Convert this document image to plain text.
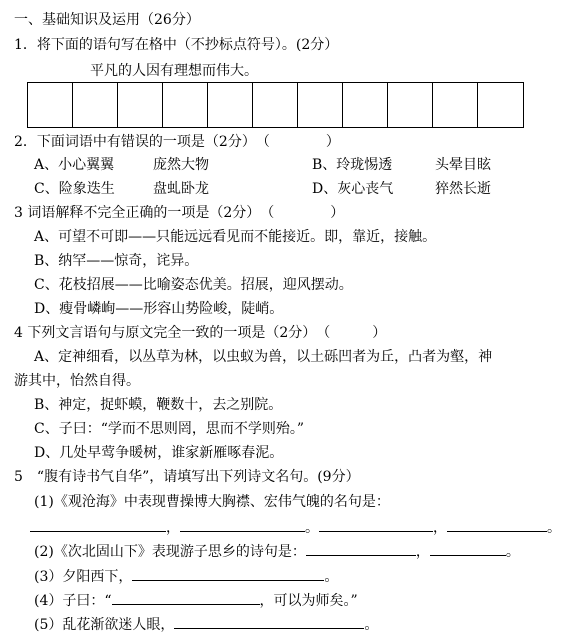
一、基础知识及运用（26分）
1．将下面的语句写在格中（不抄标点符号）。(2分）
平凡的人因有理想而伟大。
2．下面词语中有错误的一项是（2分）　（　　　　）
A、小心翼翼	庞然大物	B、玲珑惕透	头晕目眩
C、险象迭生	盘虬卧龙	D、灰心丧气	猝然长逝
3 词语解释不完全正确的一项是（2分）　（　　　　）
A、可望不可即——只能远远看见而不能接近。即，靠近，接触。
B、纳罕——惊奇，诧异。
C、花枝招展——比喻姿态优美。招展，迎风摆动。
D、瘦骨嶙峋——形容山势险峻，陡峭。
4 下列文言语句与原文完全一致的一项是（2分）　（　　　）
A、定神细看，以丛草为林，以虫蚁为兽，以土砾凹者为丘，凸者为壑，神
游其中，怡然自得。
B、神定，捉虾蟆，鞭数十，去之别院。
C、子曰：“学而不思则罔，思而不学则殆。”
D、几处早莺争暖树，谁家新雁啄春泥。
5　“腹有诗书气自华”，请填写出下列诗文名句。(9分）
(1)《观沧海》中表现曹操博大胸襟、宏伟气魄的名句是：
，	。	，	。
(2)《次北固山下》表现游子思乡的诗句是：	，	。
(3）夕阳西下，	。
(4）子曰：“	，可以为师矣。”
(5）乱花渐欲迷人眼，	。
